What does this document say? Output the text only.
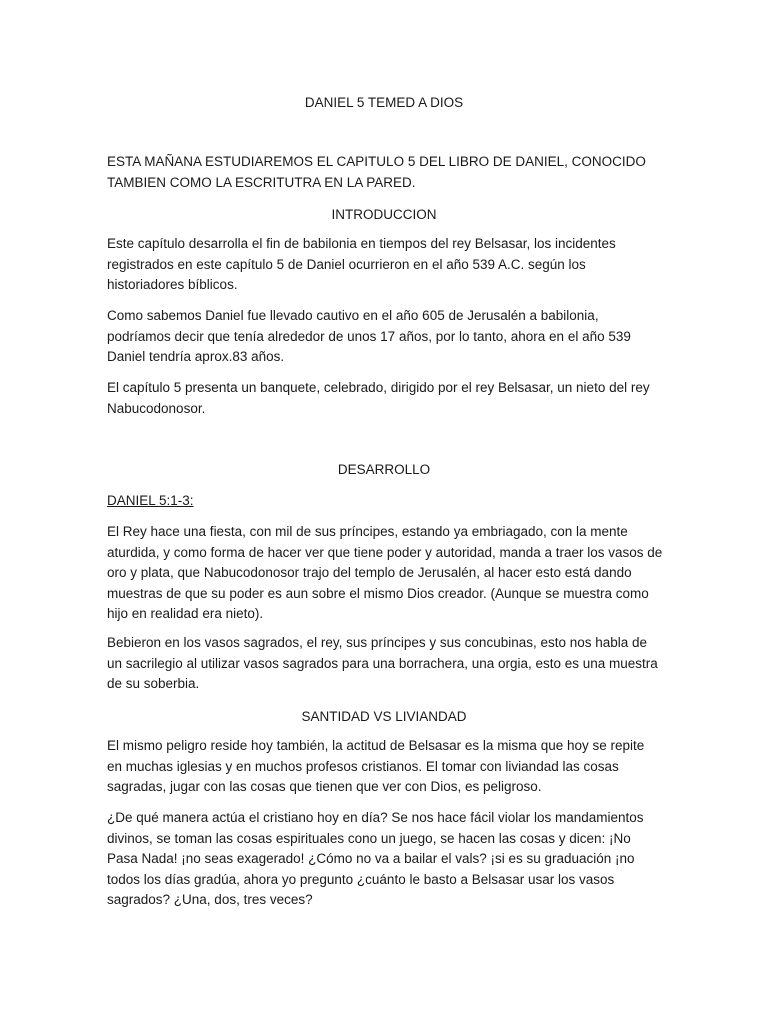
DANIEL 5 TEMED A DIOS

ESTA MAÑANA ESTUDIAREMOS EL CAPITULO 5 DEL LIBRO DE DANIEL, CONOCIDO TAMBIEN COMO LA ESCRITUTRA EN LA PARED.

INTRODUCCION

Este capítulo desarrolla el fin de babilonia en tiempos del rey Belsasar, los incidentes registrados en este capítulo 5 de Daniel ocurrieron en el año 539 A.C. según los historiadores bíblicos.

Como sabemos Daniel fue llevado cautivo en el año 605 de Jerusalén a babilonia, podríamos decir que tenía alrededor de unos 17 años, por lo tanto, ahora en el año 539 Daniel tendría aprox.83 años.

El capítulo 5 presenta un banquete, celebrado, dirigido por el rey Belsasar, un nieto del rey Nabucodonosor.

DESARROLLO

DANIEL 5:1-3:

El Rey hace una fiesta, con mil de sus príncipes, estando ya embriagado, con la mente aturdida, y como forma de hacer ver que tiene poder y autoridad, manda a traer los vasos de oro y plata, que Nabucodonosor trajo del templo de Jerusalén, al hacer esto está dando muestras de que su poder es aun sobre el mismo Dios creador. (Aunque se muestra como hijo en realidad era nieto).

Bebieron en los vasos sagrados, el rey, sus príncipes y sus concubinas, esto nos habla de un sacrilegio al utilizar vasos sagrados para una borrachera, una orgia, esto es una muestra de su soberbia.

SANTIDAD VS LIVIANDAD

El mismo peligro reside hoy también, la actitud de Belsasar es la misma que hoy se repite en muchas iglesias y en muchos profesos cristianos. El tomar con liviandad las cosas sagradas, jugar con las cosas que tienen que ver con Dios, es peligroso.

¿De qué manera actúa el cristiano hoy en día? Se nos hace fácil violar los mandamientos divinos, se toman las cosas espirituales cono un juego, se hacen las cosas y dicen: ¡No Pasa Nada! ¡no seas exagerado! ¿Cómo no va a bailar el vals? ¡si es su graduación ¡no todos los días gradúa, ahora yo pregunto ¿cuánto le basto a Belsasar usar los vasos sagrados? ¿Una, dos, tres veces?
